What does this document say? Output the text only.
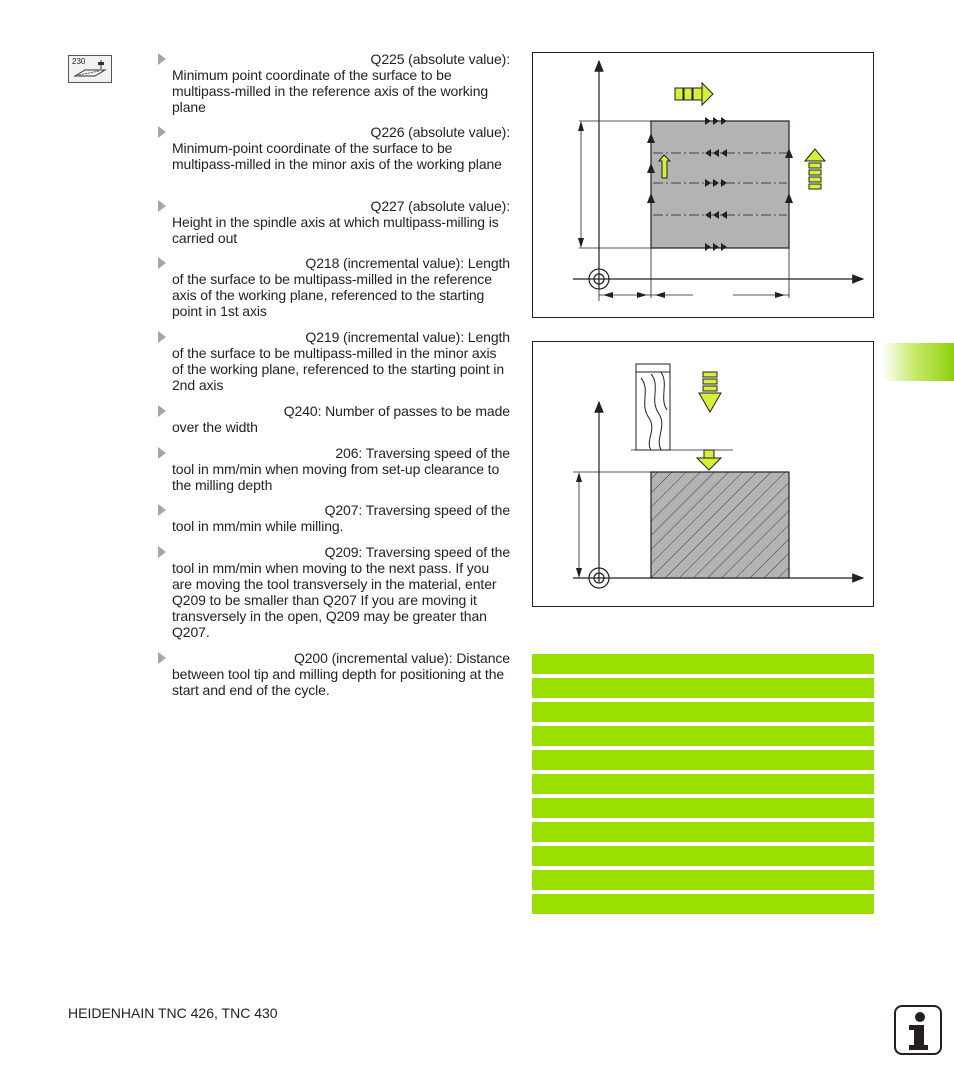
230	Q225 (absolute value):
Minimum point coordinate of the surface to be multipass-milled in the reference axis of the working plane
Q226 (absolute value):
Minimum-point coordinate of the surface to be multipass-milled in the minor axis of the working plane
Q227 (absolute value):
Height in the spindle axis at which multipass-milling is carried out
Q218 (incremental value): Length
of the surface to be multipass-milled in the reference axis of the working plane, referenced to the starting point in 1st axis
Q219 (incremental value): Length
of the surface to be multipass-milled in the minor axis of the working plane, referenced to the starting point in 2nd axis
Q240: Number of passes to be made
over the width
206: Traversing speed of the
tool in mm/min when moving from set-up clearance to the milling depth
Q207: Traversing speed of the
tool in mm/min while milling.
Q209: Traversing speed of the
tool in mm/min when moving to the next pass. If you are moving the tool transversely in the material, enter Q209 to be smaller than Q207 If you are moving it transversely in the open, Q209 may be greater than Q207.
Q200 (incremental value): Distance
between tool tip and milling depth for positioning at the start and end of the cycle.
HEIDENHAIN TNC 426, TNC 430
